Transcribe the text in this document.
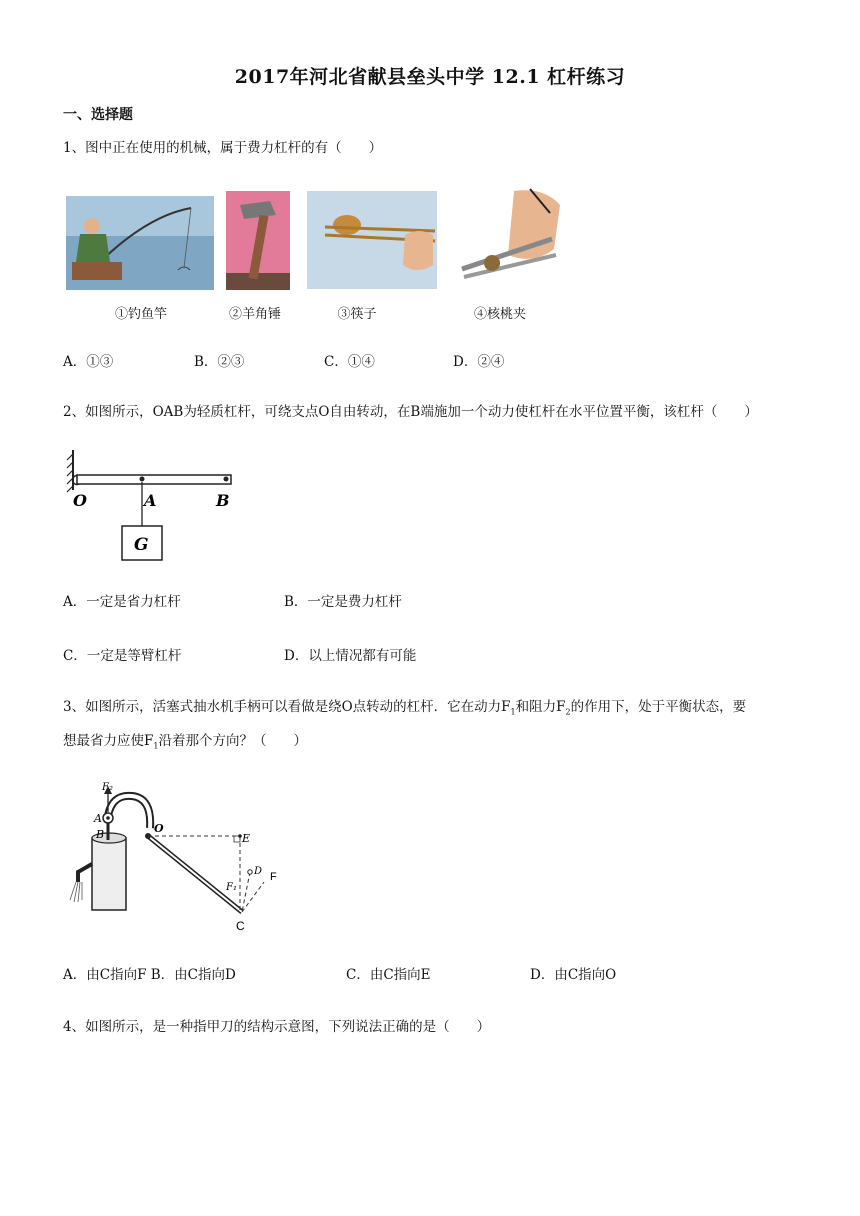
2017年河北省献县垒头中学 12.1 杠杆练习
一、选择题
1、图中正在使用的机械，属于费力杠杆的有（　　）
①钓鱼竿	②羊角锤	③筷子	④核桃夹
A．①③	B．②③	C．①④	D．②④
2、如图所示，OAB为轻质杠杆，可绕支点O自由转动，在B端施加一个动力使杠杆在水平位置平衡，该杠杆（　　）
O	A	B
G
A．一定是省力杠杆	B．一定是费力杠杆
C．一定是等臂杠杆	D．以上情况都有可能
3、如图所示，活塞式抽水机手柄可以看做是绕O点转动的杠杆．它在动力$F_1$和阻力$F_2$的作用下，处于平衡状态，要
想最省力应使$F_1$沿着那个方向？（　　）
F₂
A
B	O
E
D F
F₁
C
A．由C指向F B．由C指向D	C．由C指向E	D．由C指向O
4、如图所示，是一种指甲刀的结构示意图，下列说法正确的是（　　）
